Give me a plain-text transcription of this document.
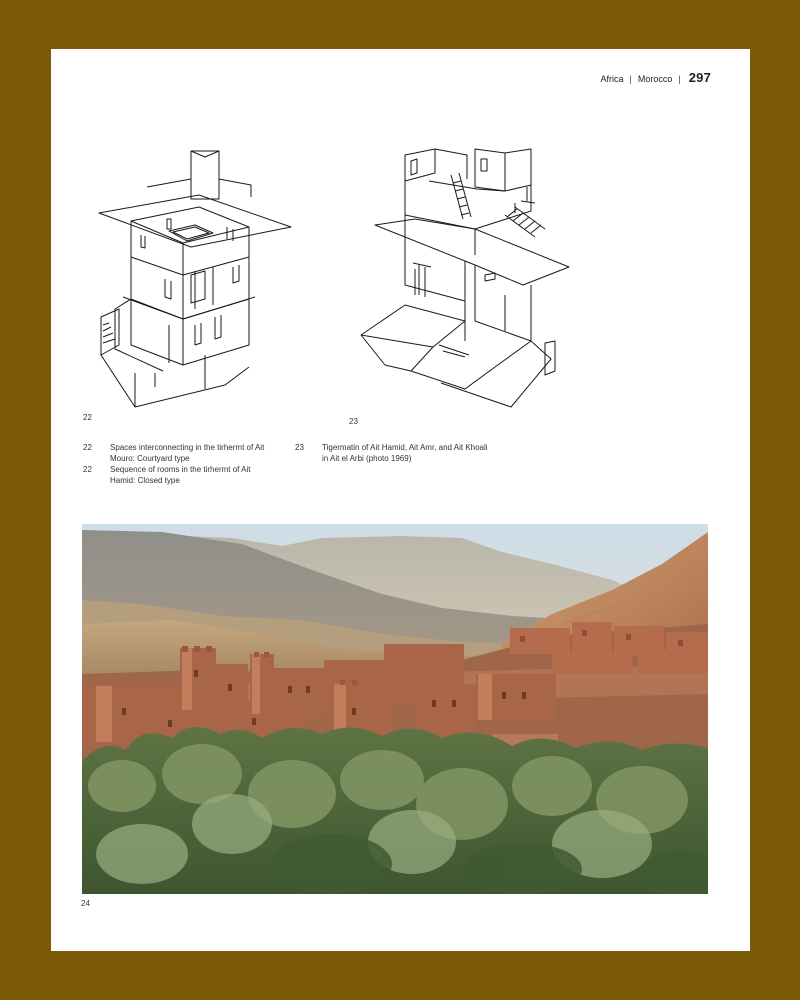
Africa | Morocco | 297
22	23
22	Spaces interconnecting in the tirhermt of Ait Mouro: Courtyard type
22	Sequence of rooms in the tirhermt of Ait Hamid: Closed type
23	Tigermatin of Ait Hamid, Ait Amr, and Ait Khoali in Ait el Arbi (photo 1969)
24
